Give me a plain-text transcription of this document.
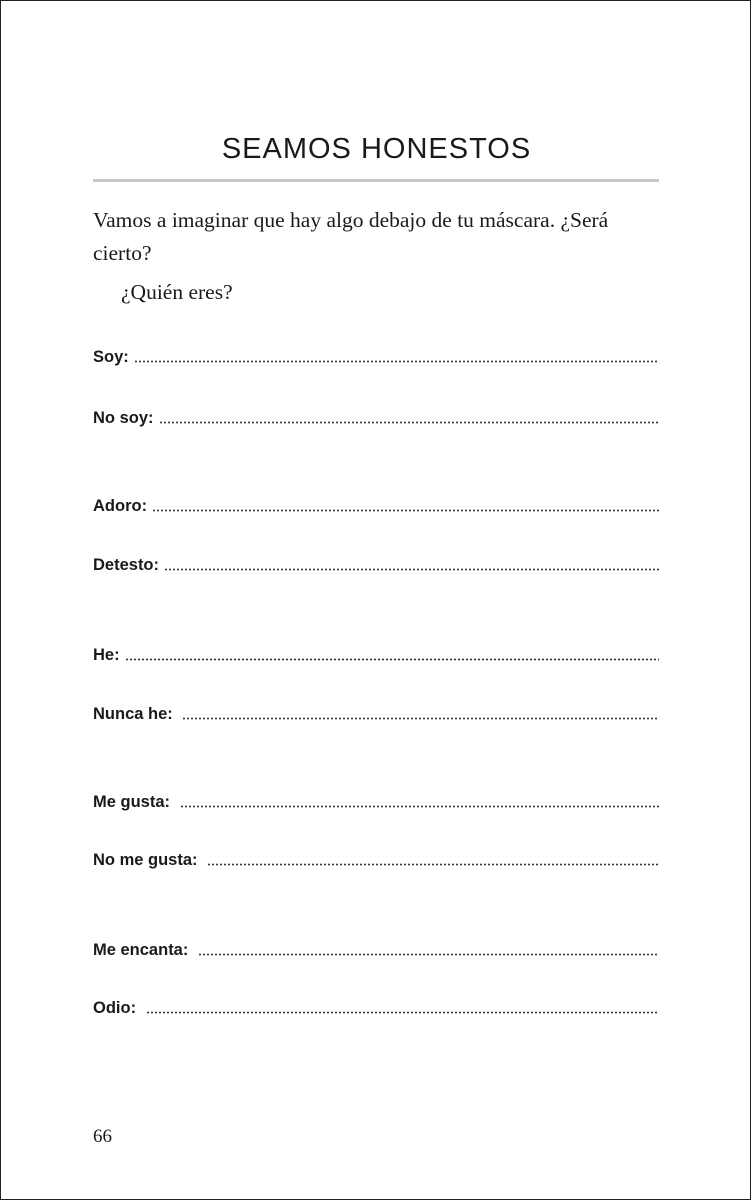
SEAMOS HONESTOS

Vamos a imaginar que hay algo debajo de tu máscara. ¿Será cierto?

¿Quién eres?
Soy:
No soy:
Adoro:
Detesto:
He:
Nunca he:
Me gusta:
No me gusta:
Me encanta:
Odio:
66
